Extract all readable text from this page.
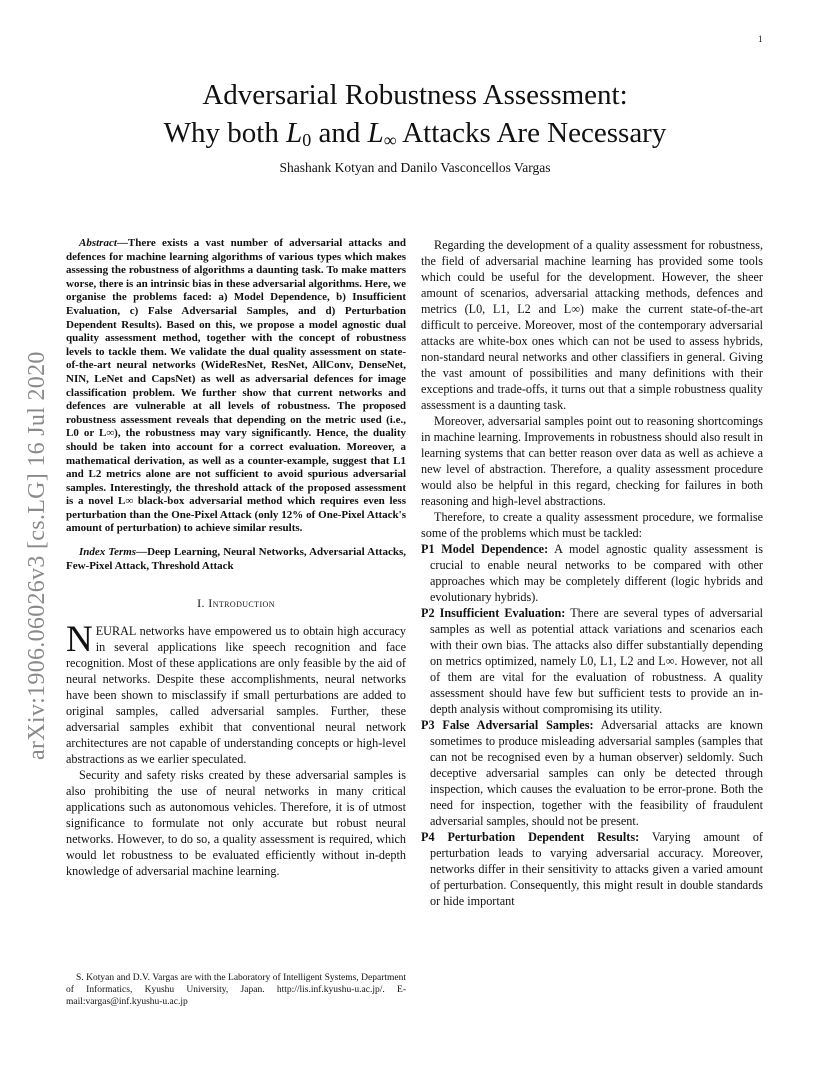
1
arXiv:1906.06026v3 [cs.LG] 16 Jul 2020
Adversarial Robustness Assessment:
Why both $L_0$ and $L_\infty$ Attacks Are Necessary
Shashank Kotyan and Danilo Vasconcellos Vargas

Abstract—There exists a vast number of adversarial attacks and defences for machine learning algorithms of various types which makes assessing the robustness of algorithms a daunting task. To make matters worse, there is an intrinsic bias in these adversarial algorithms. Here, we organise the problems faced: a) Model Dependence, b) Insufficient Evaluation, c) False Adversarial Samples, and d) Perturbation Dependent Results). Based on this, we propose a model agnostic dual quality assessment method, together with the concept of robustness levels to tackle them. We validate the dual quality assessment on state-of-the-art neural networks (WideResNet, ResNet, AllConv, DenseNet, NIN, LeNet and CapsNet) as well as adversarial defences for image classification problem. We further show that current networks and defences are vulnerable at all levels of robustness. The proposed robustness assessment reveals that depending on the metric used (i.e., L0 or L∞), the robustness may vary significantly. Hence, the duality should be taken into account for a correct evaluation. Moreover, a mathematical derivation, as well as a counter-example, suggest that L1 and L2 metrics alone are not sufficient to avoid spurious adversarial samples. Interestingly, the threshold attack of the proposed assessment is a novel L∞ black-box adversarial method which requires even less perturbation than the One-Pixel Attack (only 12% of One-Pixel Attack's amount of perturbation) to achieve similar results.

Index Terms—Deep Learning, Neural Networks, Adversarial Attacks, Few-Pixel Attack, Threshold Attack

I. Introduction

NEURAL networks have empowered us to obtain high accuracy in several applications like speech recognition and face recognition. Most of these applications are only feasible by the aid of neural networks. Despite these accomplishments, neural networks have been shown to misclassify if small perturbations are added to original samples, called adversarial samples. Further, these adversarial samples exhibit that conventional neural network architectures are not capable of understanding concepts or high-level abstractions as we earlier speculated.

Security and safety risks created by these adversarial samples is also prohibiting the use of neural networks in many critical applications such as autonomous vehicles. Therefore, it is of utmost significance to formulate not only accurate but robust neural networks. However, to do so, a quality assessment is required, which would let robustness to be evaluated efficiently without in-depth knowledge of adversarial machine learning.

S. Kotyan and D.V. Vargas are with the Laboratory of Intelligent Systems, Department of Informatics, Kyushu University, Japan. http://lis.inf.kyushu-u.ac.jp/. E-mail:vargas@inf.kyushu-u.ac.jp

Regarding the development of a quality assessment for robustness, the field of adversarial machine learning has provided some tools which could be useful for the development. However, the sheer amount of scenarios, adversarial attacking methods, defences and metrics (L0, L1, L2 and L∞) make the current state-of-the-art difficult to perceive. Moreover, most of the contemporary adversarial attacks are white-box ones which can not be used to assess hybrids, non-standard neural networks and other classifiers in general. Giving the vast amount of possibilities and many definitions with their exceptions and trade-offs, it turns out that a simple robustness quality assessment is a daunting task.

Moreover, adversarial samples point out to reasoning shortcomings in machine learning. Improvements in robustness should also result in learning systems that can better reason over data as well as achieve a new level of abstraction. Therefore, a quality assessment procedure would also be helpful in this regard, checking for failures in both reasoning and high-level abstractions.

Therefore, to create a quality assessment procedure, we formalise some of the problems which must be tackled:

P1 Model Dependence: A model agnostic quality assessment is crucial to enable neural networks to be compared with other approaches which may be completely different (logic hybrids and evolutionary hybrids).

P2 Insufficient Evaluation: There are several types of adversarial samples as well as potential attack variations and scenarios each with their own bias. The attacks also differ substantially depending on metrics optimized, namely L0, L1, L2 and L∞. However, not all of them are vital for the evaluation of robustness. A quality assessment should have few but sufficient tests to provide an in-depth analysis without compromising its utility.

P3 False Adversarial Samples: Adversarial attacks are known sometimes to produce misleading adversarial samples (samples that can not be recognised even by a human observer) seldomly. Such deceptive adversarial samples can only be detected through inspection, which causes the evaluation to be error-prone. Both the need for inspection, together with the feasibility of fraudulent adversarial samples, should not be present.

P4 Perturbation Dependent Results: Varying amount of perturbation leads to varying adversarial accuracy. Moreover, networks differ in their sensitivity to attacks given a varied amount of perturbation. Consequently, this might result in double standards or hide important
